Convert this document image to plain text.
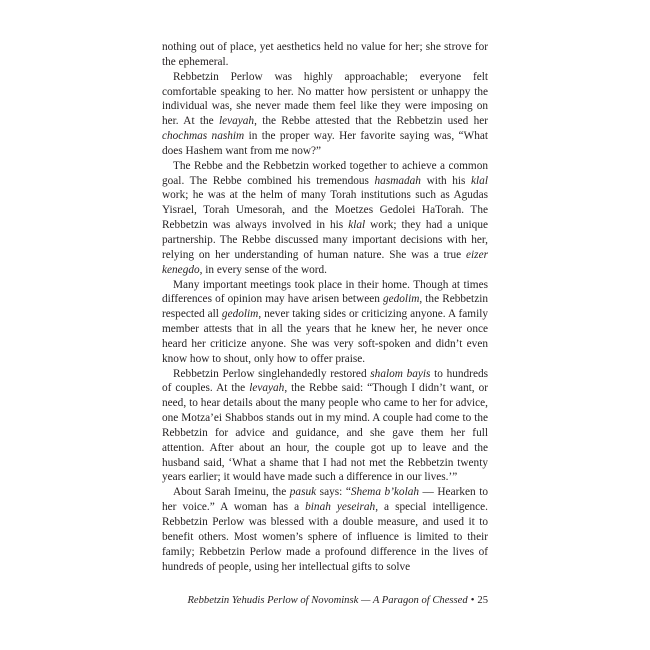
nothing out of place, yet aesthetics held no value for her; she strove for the ephemeral.

Rebbetzin Perlow was highly approachable; everyone felt comfortable speaking to her. No matter how persistent or unhappy the individual was, she never made them feel like they were imposing on her. At the levayah, the Rebbe attested that the Rebbetzin used her chochmas nashim in the proper way. Her favorite saying was, “What does Hashem want from me now?”

The Rebbe and the Rebbetzin worked together to achieve a common goal. The Rebbe combined his tremendous hasmadah with his klal work; he was at the helm of many Torah institutions such as Agudas Yisrael, Torah Umesorah, and the Moetzes Gedolei HaTorah. The Rebbetzin was always involved in his klal work; they had a unique partnership. The Rebbe discussed many important decisions with her, relying on her understanding of human nature. She was a true eizer kenegdo, in every sense of the word.

Many important meetings took place in their home. Though at times differences of opinion may have arisen between gedolim, the Rebbetzin respected all gedolim, never taking sides or criticizing anyone. A family member attests that in all the years that he knew her, he never once heard her criticize anyone. She was very soft-spoken and didn’t even know how to shout, only how to offer praise.

Rebbetzin Perlow singlehandedly restored shalom bayis to hundreds of couples. At the levayah, the Rebbe said: “Though I didn’t want, or need, to hear details about the many people who came to her for advice, one Motza’ei Shabbos stands out in my mind. A couple had come to the Rebbetzin for advice and guidance, and she gave them her full attention. After about an hour, the couple got up to leave and the husband said, ‘What a shame that I had not met the Rebbetzin twenty years earlier; it would have made such a difference in our lives.’”

About Sarah Imeinu, the pasuk says: “Shema b’kolah — Hearken to her voice.” A woman has a binah yeseirah, a special intelligence. Rebbetzin Perlow was blessed with a double measure, and used it to benefit others. Most women’s sphere of influence is limited to their family; Rebbetzin Perlow made a profound difference in the lives of hundreds of people, using her intellectual gifts to solve

Rebbetzin Yehudis Perlow of Novominsk — A Paragon of Chessed • 25
